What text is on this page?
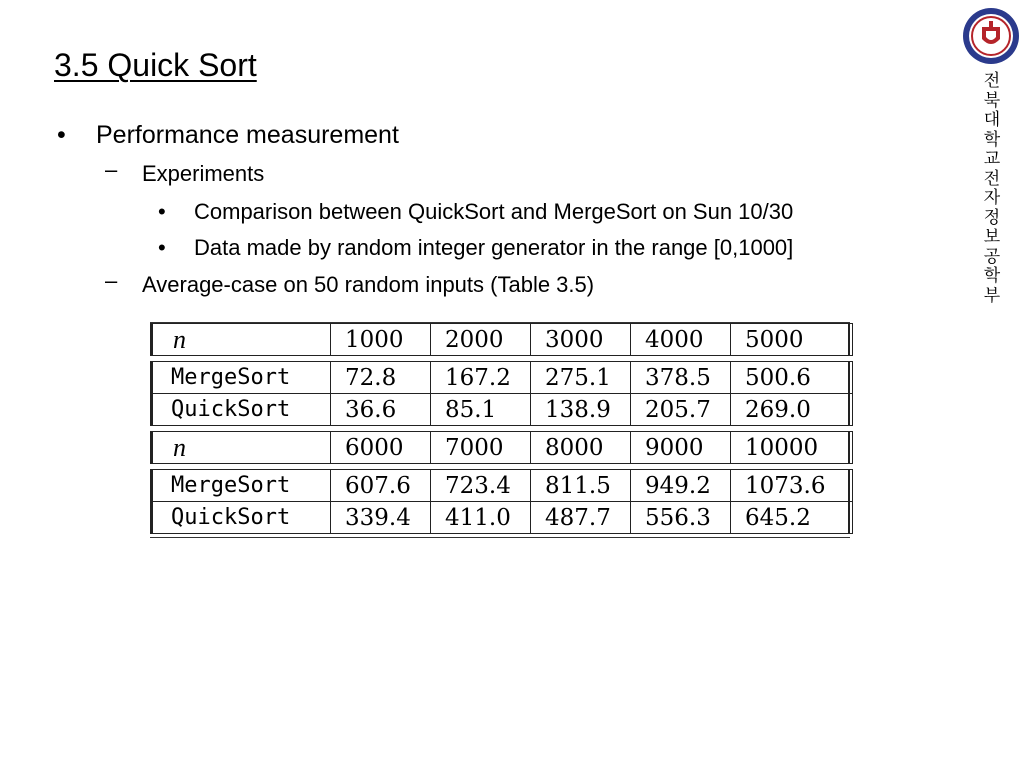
3.5 Quick Sort
• Performance measurement
– Experiments
• Comparison between QuickSort and MergeSort on Sun 10/30
• Data made by random integer generator in the range [0,1000]
– Average-case on 50 random inputs (Table 3.5)
전북대학교 전자정보공학부
n	1000	2000	3000	4000	5000
MergeSort	72.8	167.2	275.1	378.5	500.6
QuickSort	36.6	85.1	138.9	205.7	269.0
n	6000	7000	8000	9000	10000
MergeSort	607.6	723.4	811.5	949.2	1073.6
QuickSort	339.4	411.0	487.7	556.3	645.2
